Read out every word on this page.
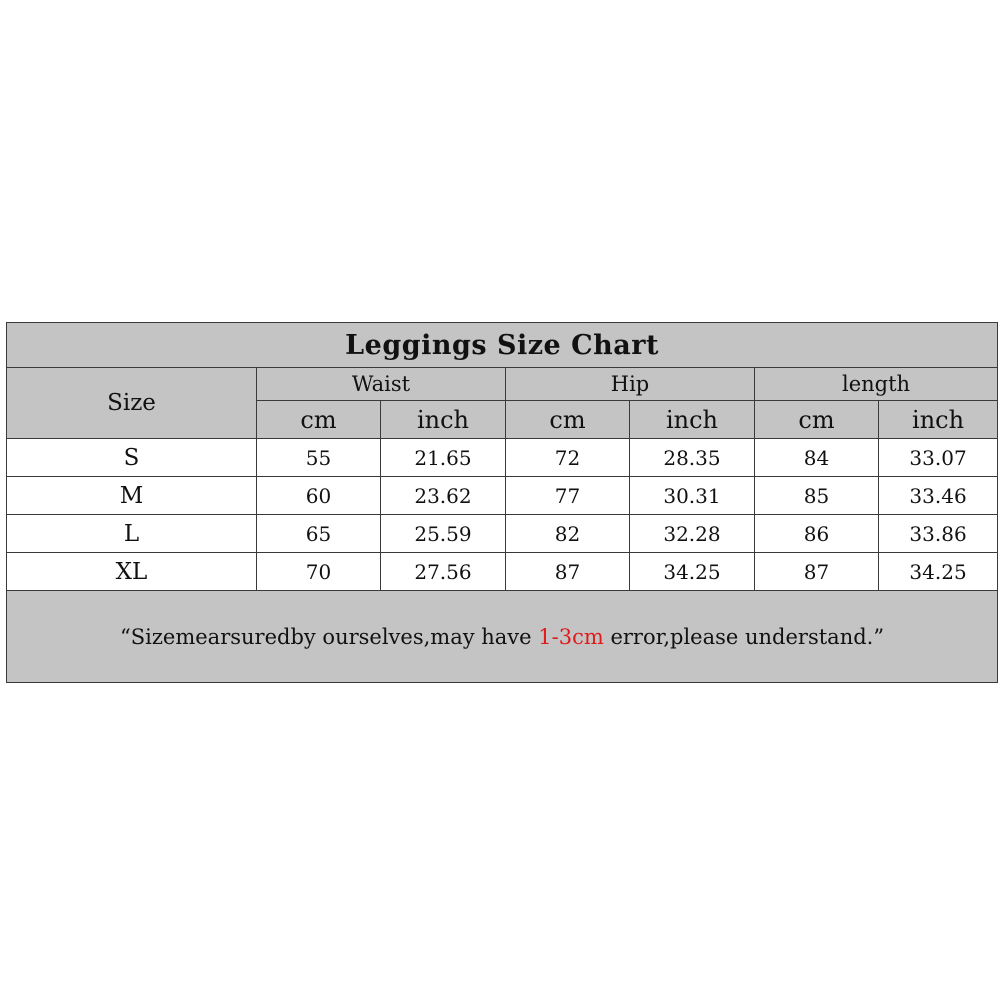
Leggings Size Chart						
Size	Waist		Hip		length	
	cm	inch	cm	inch	cm	inch
S	55	21.65	72	28.35	84	33.07
M	60	23.62	77	30.31	85	33.46
L	65	25.59	82	32.28	86	33.86
XL	70	27.56	87	34.25	87	34.25
“Sizemearsuredby ourselves,may have 1-3cm error,please understand.”						
